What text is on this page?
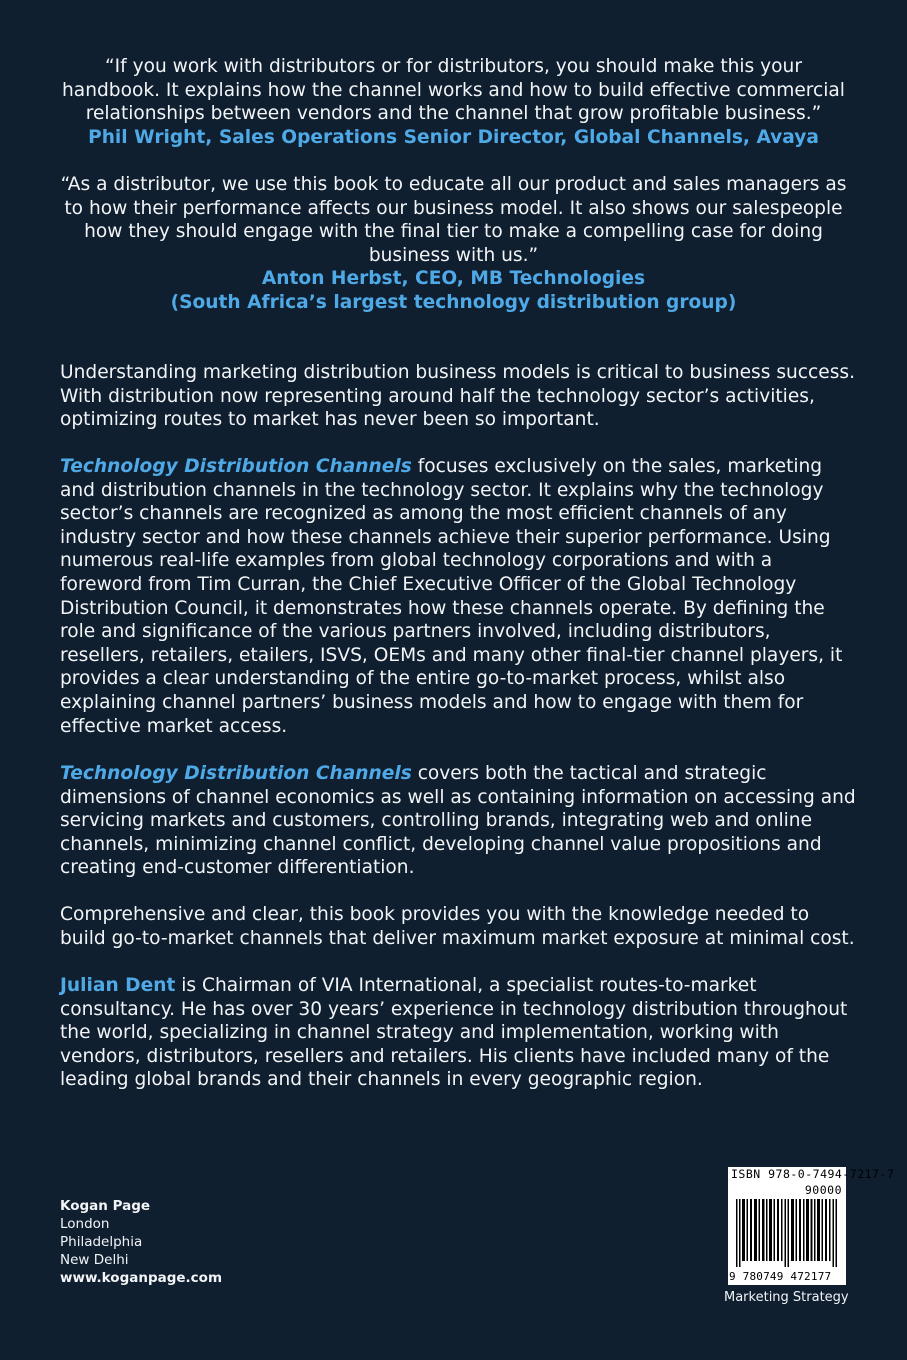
“If you work with distributors or for distributors, you should make this your handbook. It explains how the channel works and how to build effective commercial relationships between vendors and the channel that grow profitable business.”
Phil Wright, Sales Operations Senior Director, Global Channels, Avaya
“As a distributor, we use this book to educate all our product and sales managers as to how their performance affects our business model. It also shows our salespeople how they should engage with the final tier to make a compelling case for doing business with us.”
Anton Herbst, CEO, MB Technologies
(South Africa’s largest technology distribution group)
Understanding marketing distribution business models is critical to business success. With distribution now representing around half the technology sector’s activities, optimizing routes to market has never been so important.
Technology Distribution Channels focuses exclusively on the sales, marketing and distribution channels in the technology sector. It explains why the technology sector’s channels are recognized as among the most efficient channels of any industry sector and how these channels achieve their superior performance. Using numerous real-life examples from global technology corporations and with a foreword from Tim Curran, the Chief Executive Officer of the Global Technology Distribution Council, it demonstrates how these channels operate. By defining the role and significance of the various partners involved, including distributors, resellers, retailers, etailers, ISVS, OEMs and many other final-tier channel players, it provides a clear understanding of the entire go-to-market process, whilst also explaining channel partners’ business models and how to engage with them for effective market access.
Technology Distribution Channels covers both the tactical and strategic dimensions of channel economics as well as containing information on accessing and servicing markets and customers, controlling brands, integrating web and online channels, minimizing channel conflict, developing channel value propositions and creating end-customer differentiation.
Comprehensive and clear, this book provides you with the knowledge needed to build go-to-market channels that deliver maximum market exposure at minimal cost.
Julian Dent is Chairman of VIA International, a specialist routes-to-market consultancy. He has over 30 years’ experience in technology distribution throughout the world, specializing in channel strategy and implementation, working with vendors, distributors, resellers and retailers. His clients have included many of the leading global brands and their channels in every geographic region.
Kogan Page
London
Philadelphia
New Delhi
www.koganpage.com
ISBN 978-0-7494-7217-7
90000
9 780749 472177
Marketing Strategy
